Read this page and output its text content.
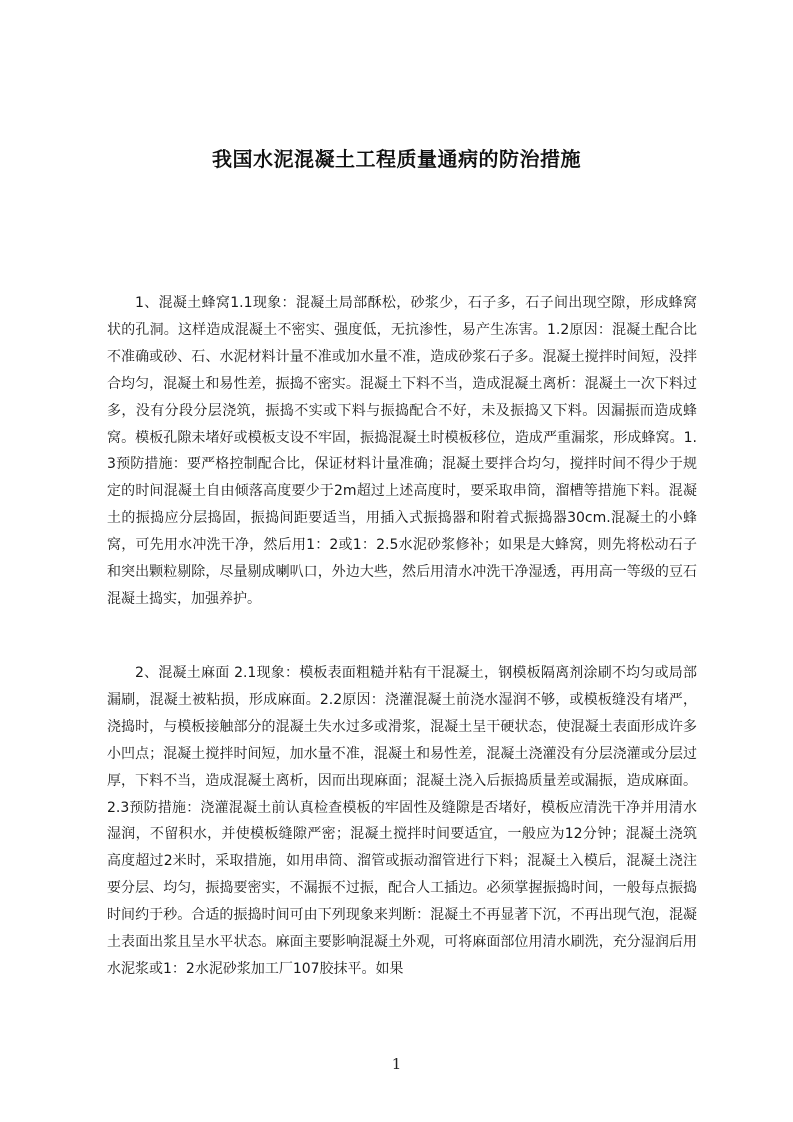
我国水泥混凝土工程质量通病的防治措施

1、混凝土蜂窝1.1现象：混凝土局部酥松，砂浆少，石子多，石子间出现空隙，形成蜂窝状的孔洞。这样造成混凝土不密实、强度低，无抗渗性，易产生冻害。1.2原因：混凝土配合比不准确或砂、石、水泥材料计量不准或加水量不准，造成砂浆石子多。混凝土搅拌时间短，没拌合均匀，混凝土和易性差，振捣不密实。混凝土下料不当，造成混凝土离析：混凝土一次下料过多，没有分段分层浇筑，振捣不实或下料与振捣配合不好，未及振捣又下料。因漏振而造成蜂窝。模板孔隙未堵好或模板支设不牢固，振捣混凝土时模板移位，造成严重漏浆，形成蜂窝。1.3预防措施：要严格控制配合比，保证材料计量准确；混凝土要拌合均匀，搅拌时间不得少于规定的时间混凝土自由倾落高度要少于2m超过上述高度时，要采取串筒，溜槽等措施下料。混凝土的振捣应分层捣固，振捣间距要适当，用插入式振捣器和附着式振捣器30cm.混凝土的小蜂窝，可先用水冲洗干净，然后用1：2或1：2.5水泥砂浆修补；如果是大蜂窝，则先将松动石子和突出颗粒剔除，尽量剔成喇叭口，外边大些，然后用清水冲洗干净湿透，再用高一等级的豆石混凝土捣实，加强养护。

2、混凝土麻面 2.1现象：模板表面粗糙并粘有干混凝土，钢模板隔离剂涂刷不均匀或局部漏刷，混凝土被粘损，形成麻面。2.2原因：浇灌混凝土前浇水湿润不够，或模板缝没有堵严，浇捣时，与模板接触部分的混凝土失水过多或滑浆，混凝土呈干硬状态，使混凝土表面形成许多小凹点；混凝土搅拌时间短，加水量不准，混凝土和易性差，混凝土浇灌没有分层浇灌或分层过厚，下料不当，造成混凝土离析，因而出现麻面；混凝土浇入后振捣质量差或漏振，造成麻面。2.3预防措施：浇灌混凝土前认真检查模板的牢固性及缝隙是否堵好，模板应清洗干净并用清水湿润，不留积水，并使模板缝隙严密；混凝土搅拌时间要适宜，一般应为12分钟；混凝土浇筑高度超过2米时，采取措施，如用串筒、溜管或振动溜管进行下料；混凝土入模后，混凝土浇注要分层、均匀，振捣要密实，不漏振不过振，配合人工插边。必须掌握振捣时间，一般每点振捣时间约于秒。合适的振捣时间可由下列现象来判断：混凝土不再显著下沉，不再出现气泡，混凝土表面出浆且呈水平状态。麻面主要影响混凝土外观，可将麻面部位用清水刷洗，充分湿润后用水泥浆或1：2水泥砂浆加工厂107胶抹平。如果

1
